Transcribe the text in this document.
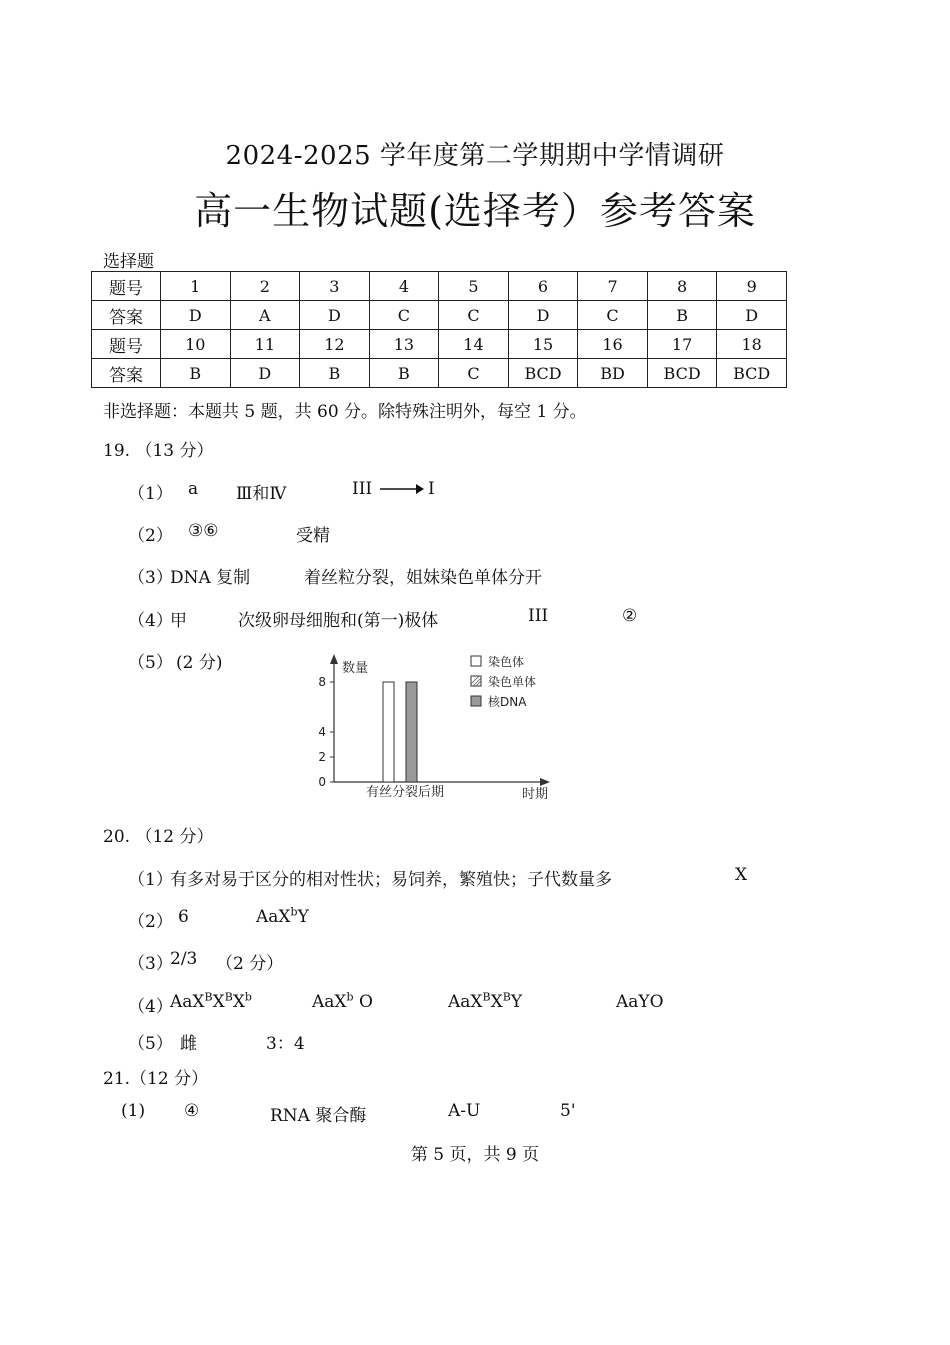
2024-2025 学年度第二学期期中学情调研
高一生物试题(选择考）参考答案
选择题
题号	1	2	3	4	5	6	7	8	9
答案	D	A	D	C	C	D	C	B	D
题号	10	11	12	13	14	15	16	17	18
答案	B	D	B	B	C	BCD	BD	BCD	BCD
非选择题：本题共 5 题，共 60 分。除特殊注明外，每空 1 分。
19. （13 分）
（1） a Ⅲ和Ⅳ	III	I
（2） ③⑥	受精
（3）
DNA 复制	着丝粒分裂，姐妹染色单体分开
（4）
甲	次级卵母细胞和(第一)极体	III	②
（5） (2 分)	数量
时期
有丝分裂后期
0
2
4
8
染色体
染色单体
核DNA
20. （12 分）
（1）
有多对易于区分的相对性状；易饲养，繁殖快；子代数量多	X
（2） 6	AaX$^b$Y
（3）
2/3 （2 分）
（4）
$AaX^BX^BX^b$	AaX$^b$ O	$AaX^BX^BY$	AaYO
（5） 雌	3：4
21.（12 分）
(1) ④	RNA 聚合酶	A-U	5'
第 5 页，共 9 页
